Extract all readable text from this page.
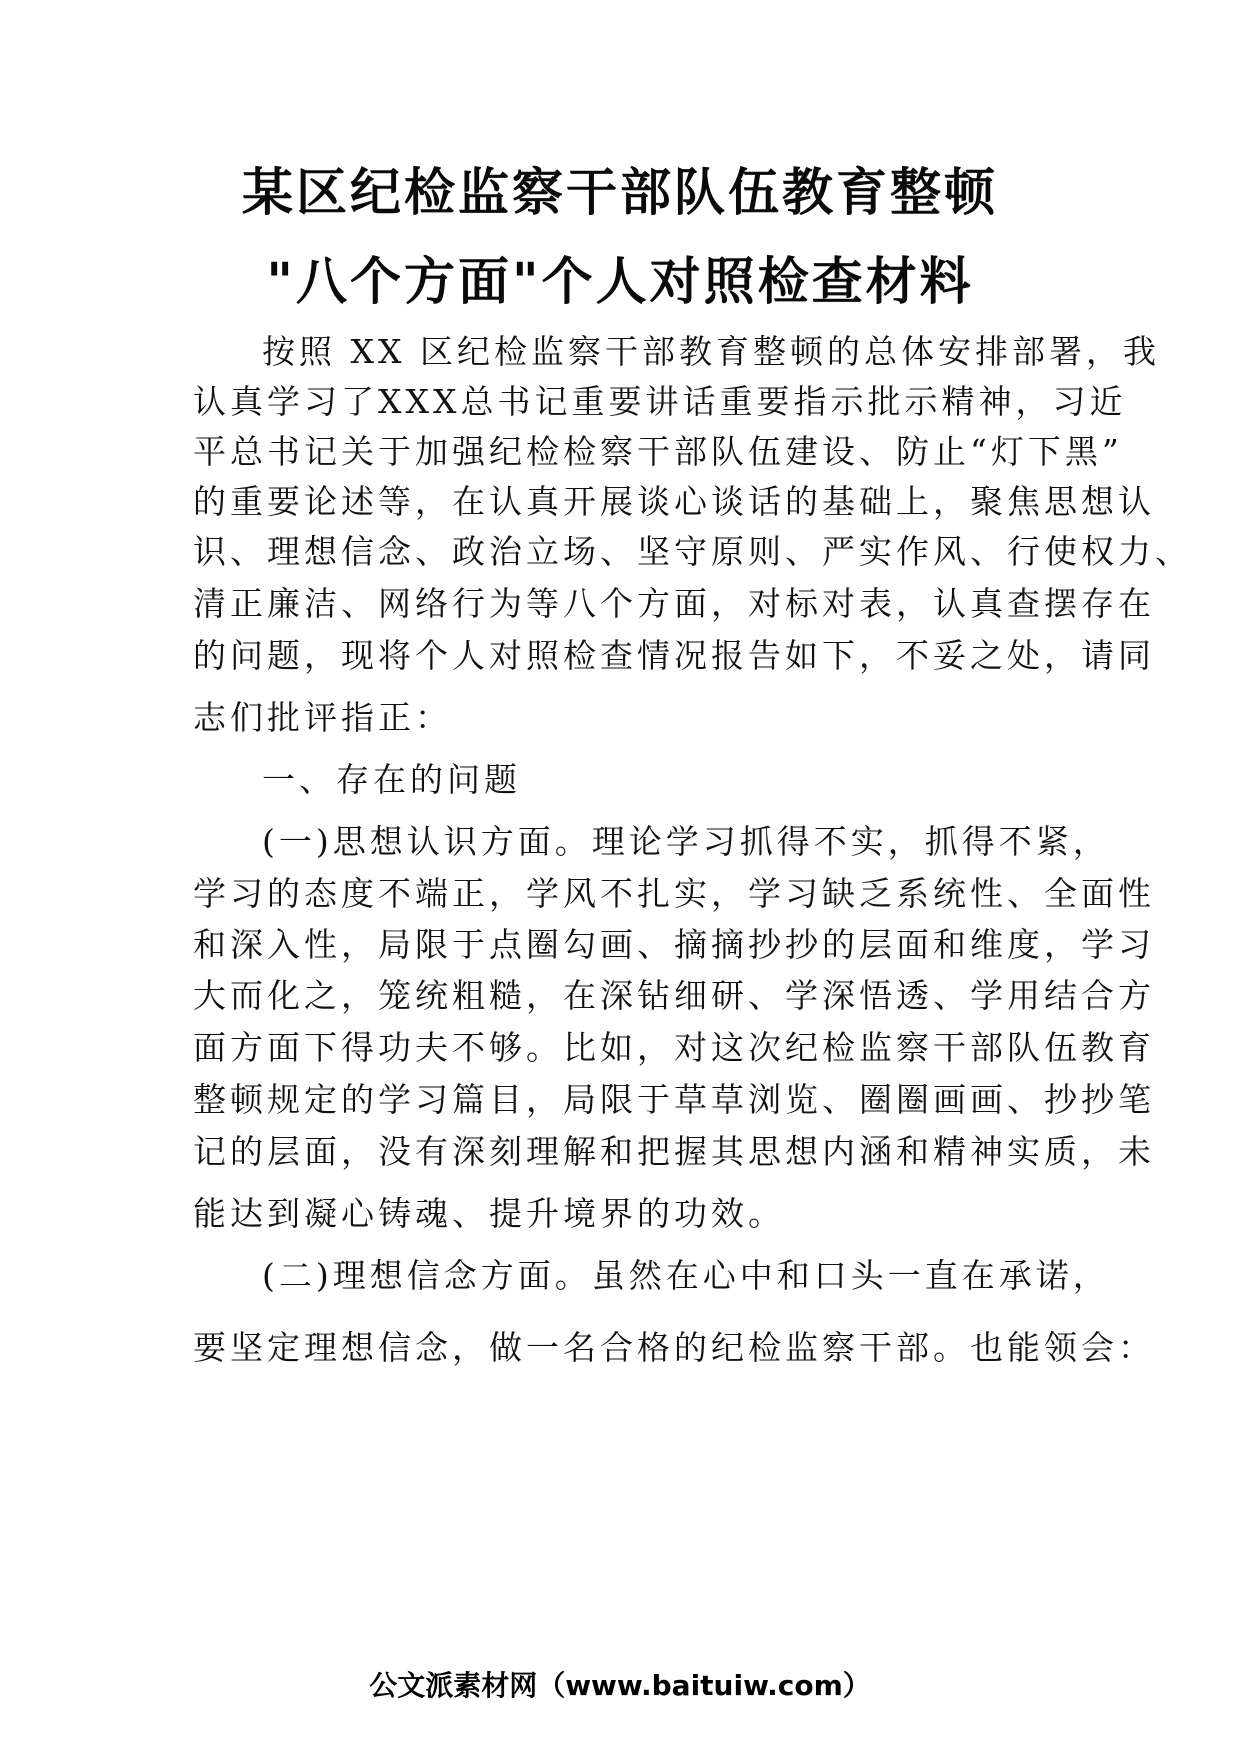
某区纪检监察干部队伍教育整顿
"八个方面"个人对照检查材料
按照 XX 区纪检监察干部教育整顿的总体安排部署，我
认真学习了XXX总书记重要讲话重要指示批示精神，习近
平总书记关于加强纪检检察干部队伍建设、防止“灯下黑”
的重要论述等，在认真开展谈心谈话的基础上，聚焦思想认
识、理想信念、政治立场、坚守原则、严实作风、行使权力、
清正廉洁、网络行为等八个方面，对标对表，认真查摆存在
的问题，现将个人对照检查情况报告如下，不妥之处，请同
志们批评指正：
一、存在的问题
(一)思想认识方面。理论学习抓得不实，抓得不紧，
学习的态度不端正，学风不扎实，学习缺乏系统性、全面性
和深入性，局限于点圈勾画、摘摘抄抄的层面和维度，学习
大而化之，笼统粗糙，在深钻细研、学深悟透、学用结合方
面方面下得功夫不够。比如，对这次纪检监察干部队伍教育
整顿规定的学习篇目，局限于草草浏览、圈圈画画、抄抄笔
记的层面，没有深刻理解和把握其思想内涵和精神实质，未
能达到凝心铸魂、提升境界的功效。
(二)理想信念方面。虽然在心中和口头一直在承诺，
要坚定理想信念，做一名合格的纪检监察干部。也能领会：
公文派素材网（www.baituiw.com）
